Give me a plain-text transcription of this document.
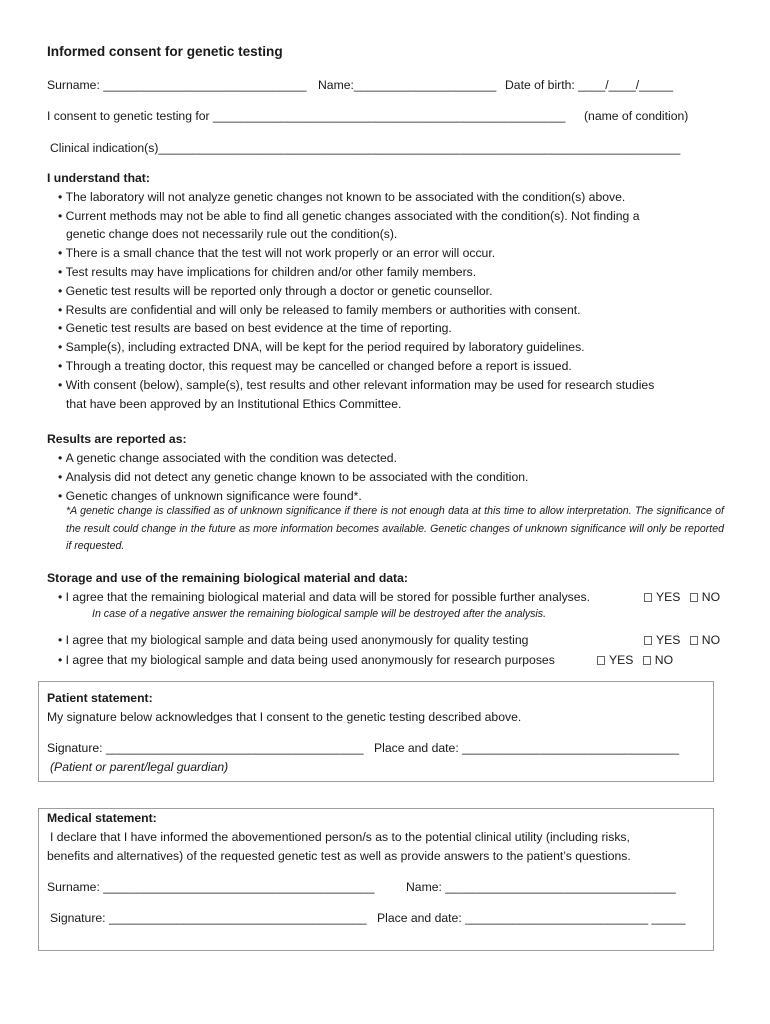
Informed consent for genetic testing
Surname: ______________________________ Name:_____________________ Date of birth: ____/____/_____
I consent to genetic testing for ____________________________________________________ (name of condition)
Clinical indication(s)_____________________________________________________________________________
I understand that:
• The laboratory will not analyze genetic changes not known to be associated with the condition(s) above.
• Current methods may not be able to find all genetic changes associated with the condition(s). Not finding a
genetic change does not necessarily rule out the condition(s).
• There is a small chance that the test will not work properly or an error will occur.
• Test results may have implications for children and/or other family members.
• Genetic test results will be reported only through a doctor or genetic counsellor.
• Results are confidential and will only be released to family members or authorities with consent.
• Genetic test results are based on best evidence at the time of reporting.
• Sample(s), including extracted DNA, will be kept for the period required by laboratory guidelines.
• Through a treating doctor, this request may be cancelled or changed before a report is issued.
• With consent (below), sample(s), test results and other relevant information may be used for research studies
that have been approved by an Institutional Ethics Committee.
Results are reported as:
• A genetic change associated with the condition was detected.
• Analysis did not detect any genetic change known to be associated with the condition.
• Genetic changes of unknown significance were found*.
*A genetic change is classified as of unknown significance if there is not enough data at this time to allow interpretation. The significance of the result could change in the future as more information becomes available. Genetic changes of unknown significance will only be reported if requested.
Storage and use of the remaining biological material and data:
• I agree that the remaining biological material and data will be stored for possible further analyses.	YES NO
In case of a negative answer the remaining biological sample will be destroyed after the analysis.
• I agree that my biological sample and data being used anonymously for quality testing	YES NO
• I agree that my biological sample and data being used anonymously for research purposes	YES NO
Patient statement:
My signature below acknowledges that I consent to the genetic testing described above.
Signature: ______________________________________ Place and date: ________________________________
(Patient or parent/legal guardian)
Medical statement:
I declare that I have informed the abovementioned person/s as to the potential clinical utility (including risks,
benefits and alternatives) of the requested genetic test as well as provide answers to the patient’s questions.
Surname: ________________________________________	Name: __________________________________
Signature: ______________________________________ Place and date: ___________________________ _____
